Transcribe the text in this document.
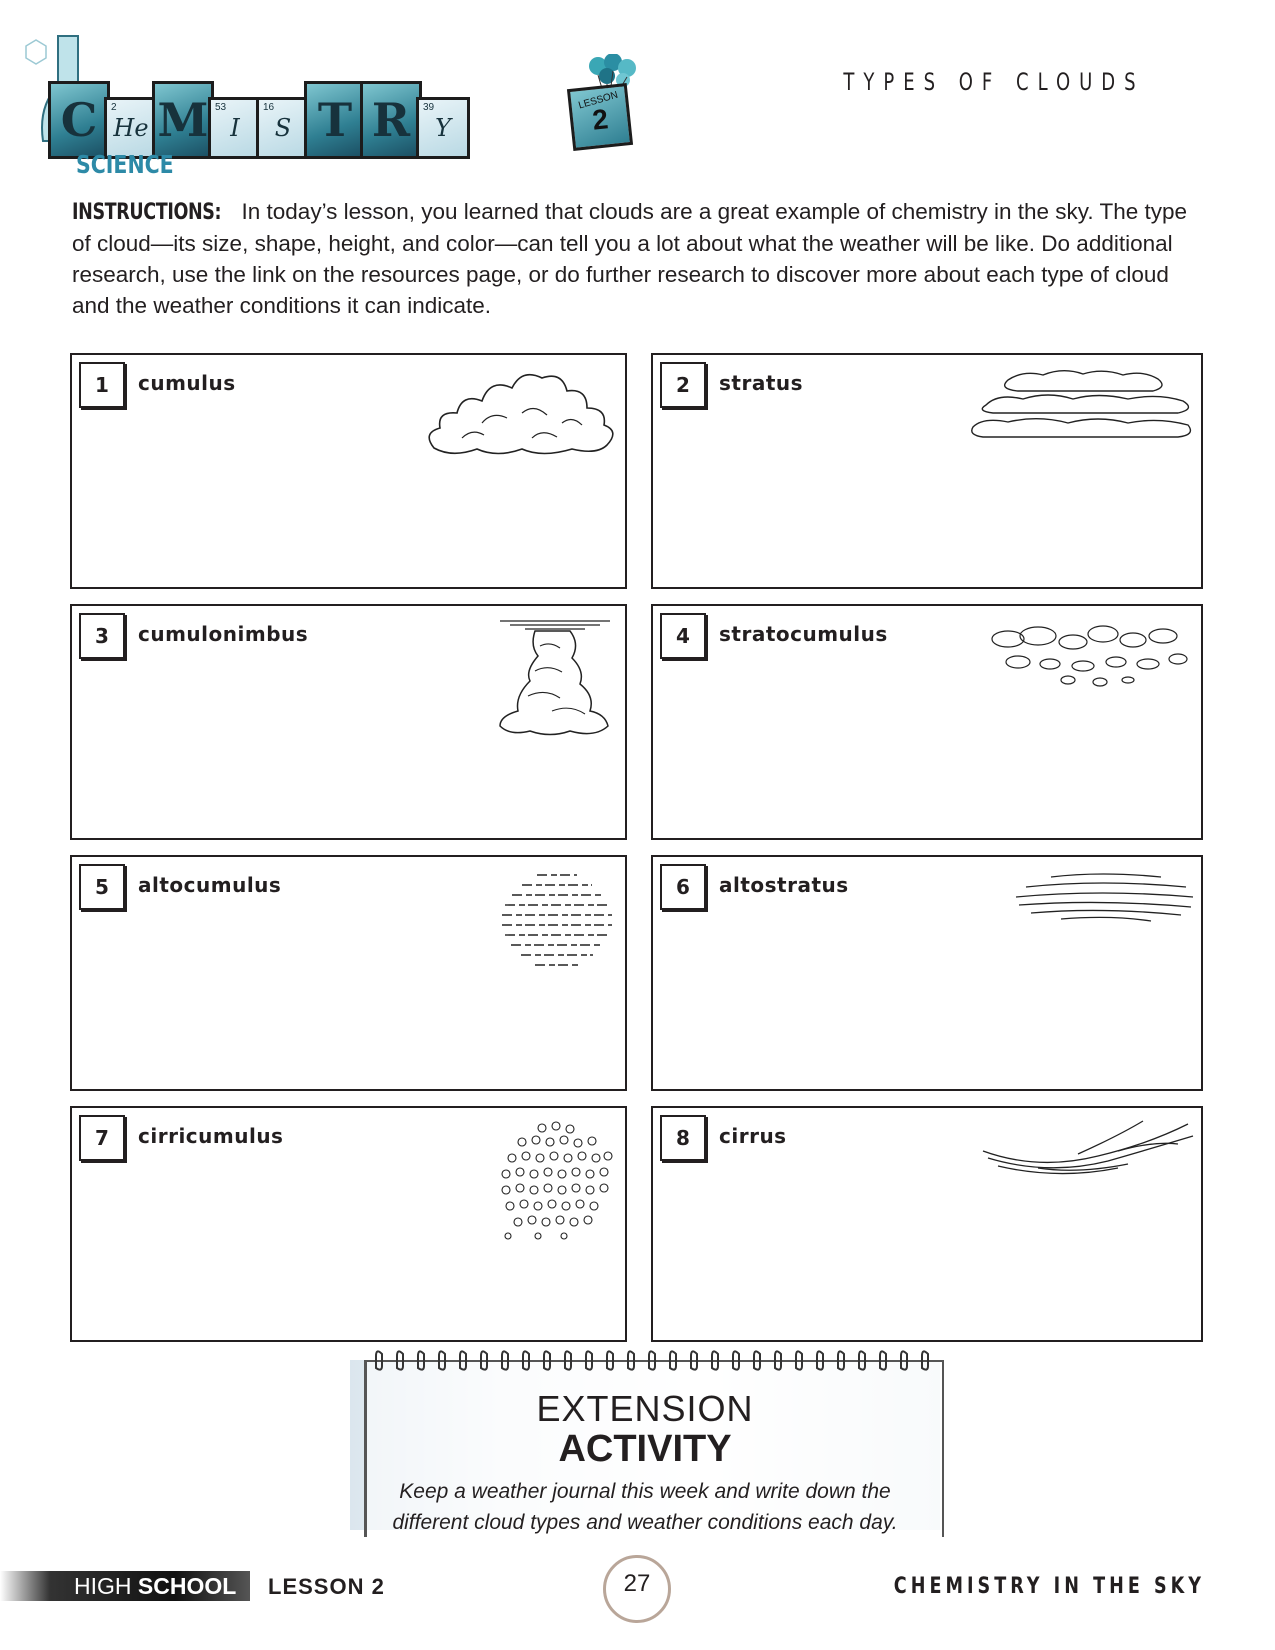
C 2
He M 53
I
16
S T R 39
Y
LESSON
2
SCIENCE
TYPES OF CLOUDS
INSTRUCTIONS: In today’s lesson, you learned that clouds are a great example of chemistry in the sky. The type of cloud—its size, shape, height, and color—can tell you a lot about what the weather will be like. Do additional research, use the link on the resources page, or do further research to discover more about each type of cloud and the weather conditions it can indicate.
1	cumulus	2	stratus
3	cumulonimbus	4	stratocumulus
5	altocumulus	6	altostratus
7	cirricumulus	8	cirrus
EXTENSION
ACTIVITY
Keep a weather journal this week and write down the
different cloud types and weather conditions each day.
HIGH SCHOOL LESSON 2	27	CHEMISTRY IN THE SKY
